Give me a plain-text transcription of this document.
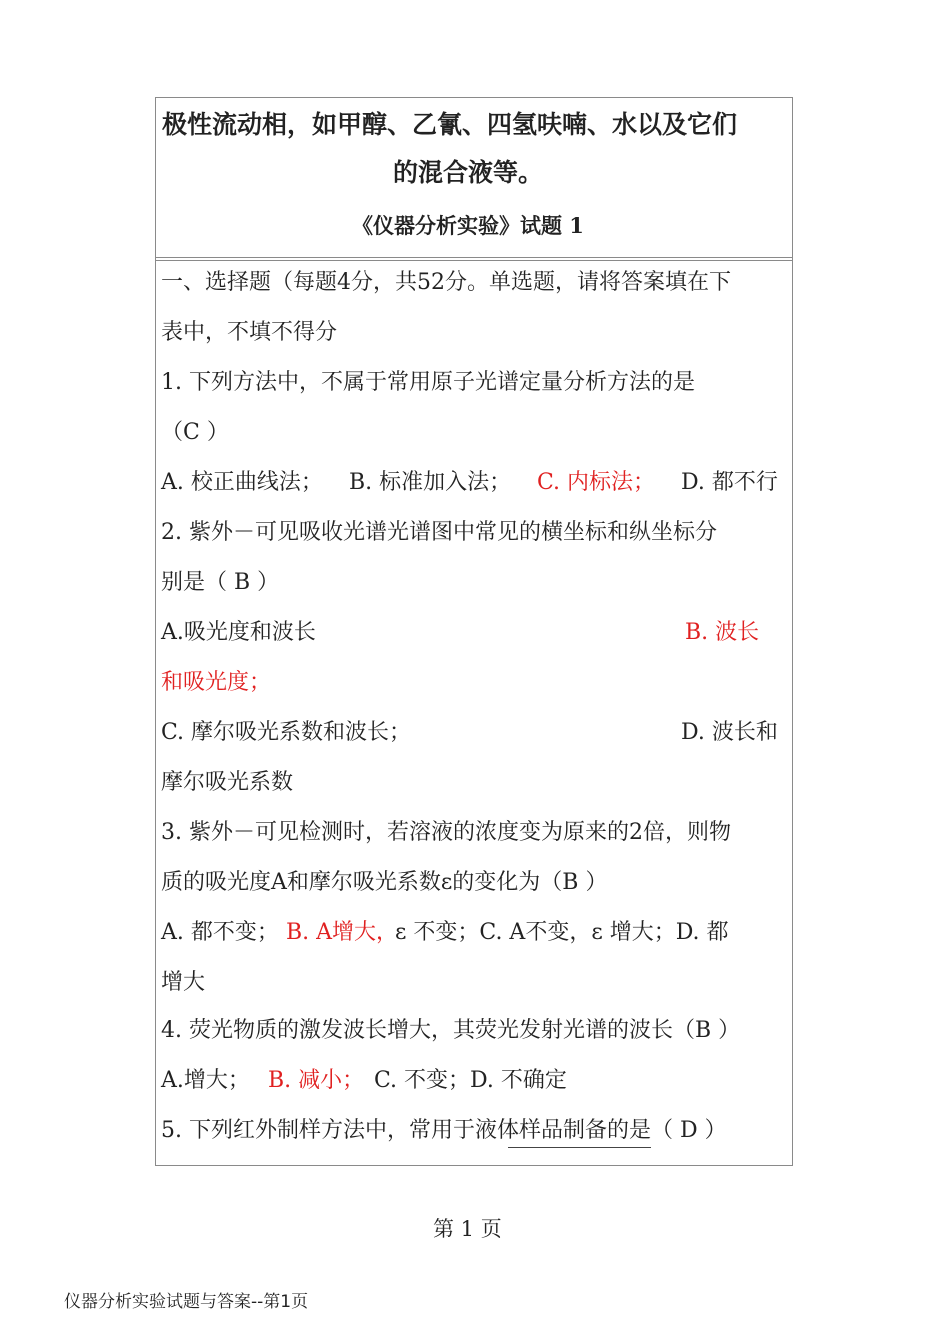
极性流动相，如甲醇、乙氰、四氢呋喃、水以及它们
的混合液等。
《仪器分析实验》试题 1
一、选择题（每题4分，共52分。单选题，请将答案填在下
表中，不填不得分
1. 下列方法中，不属于常用原子光谱定量分析方法的是
（C ）
A. 校正曲线法； B. 标准加入法； C. 内标法； D. 都不行
2. 紫外－可见吸收光谱光谱图中常见的横坐标和纵坐标分
别是（ B ）
A.吸光度和波长	B. 波长
和吸光度；
C. 摩尔吸光系数和波长；	D. 波长和
摩尔吸光系数
3. 紫外－可见检测时，若溶液的浓度变为原来的2倍，则物
质的吸光度A和摩尔吸光系数ε的变化为（B ）
A. 都不变； B. A增大，
ε 不变；C. A不变，ε 增大；D. 都
增大
4. 荧光物质的激发波长增大，其荧光发射光谱的波长（B ）
A.增大； B. 减小； C. 不变；D. 不确定
5. 下列红外制样方法中，常用于液体样品制备的是（ D ）
第 1 页
仪器分析实验试题与答案--第1页
